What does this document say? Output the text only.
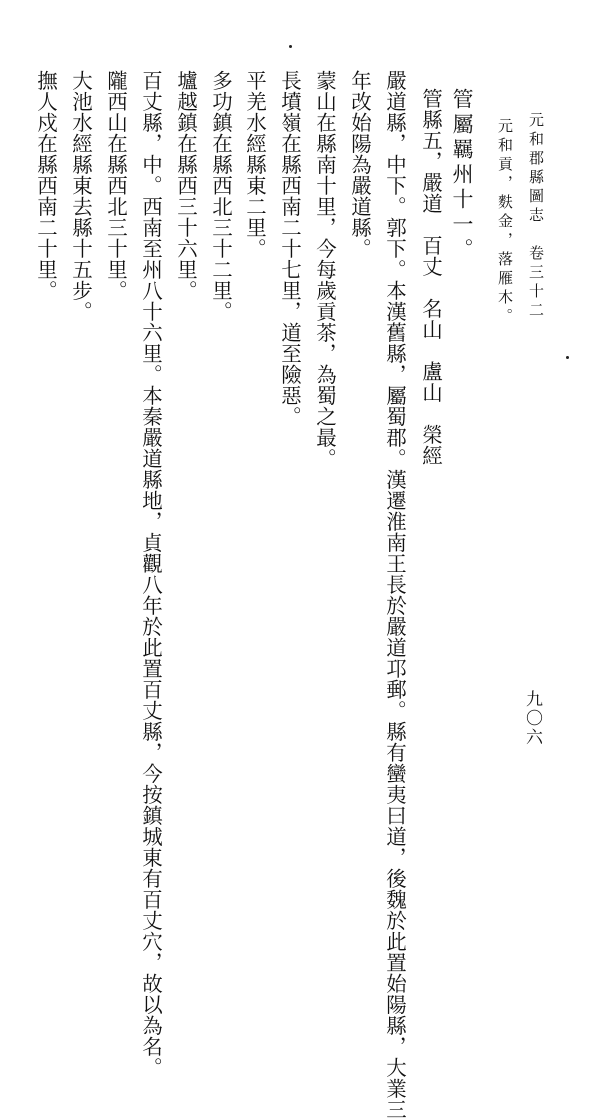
元和郡縣圖志　卷三十二
元和貢，麩金，落雁木。
九〇六
管屬羈州十一。
管縣五，嚴道　百丈　名山　盧山　榮經
嚴道縣，中下。郭下。本漢舊縣，屬蜀郡。漢遷淮南王長於嚴道邛郵。縣有蠻夷曰道，後魏於此置始陽縣，大業三
年改始陽為嚴道縣。
蒙山在縣南十里，今每歲貢茶，為蜀之最。
長墳嶺在縣西南二十七里，道至險惡。
平羌水經縣東二里。
多功鎮在縣西北三十二里。
壚越鎮在縣西三十六里。
百丈縣，中。西南至州八十六里。本秦嚴道縣地，貞觀八年於此置百丈縣，今按鎮城東有百丈穴，故以為名。
隴西山在縣西北三十里。
大池水經縣東去縣十五步。
撫人戍在縣西南二十里。
